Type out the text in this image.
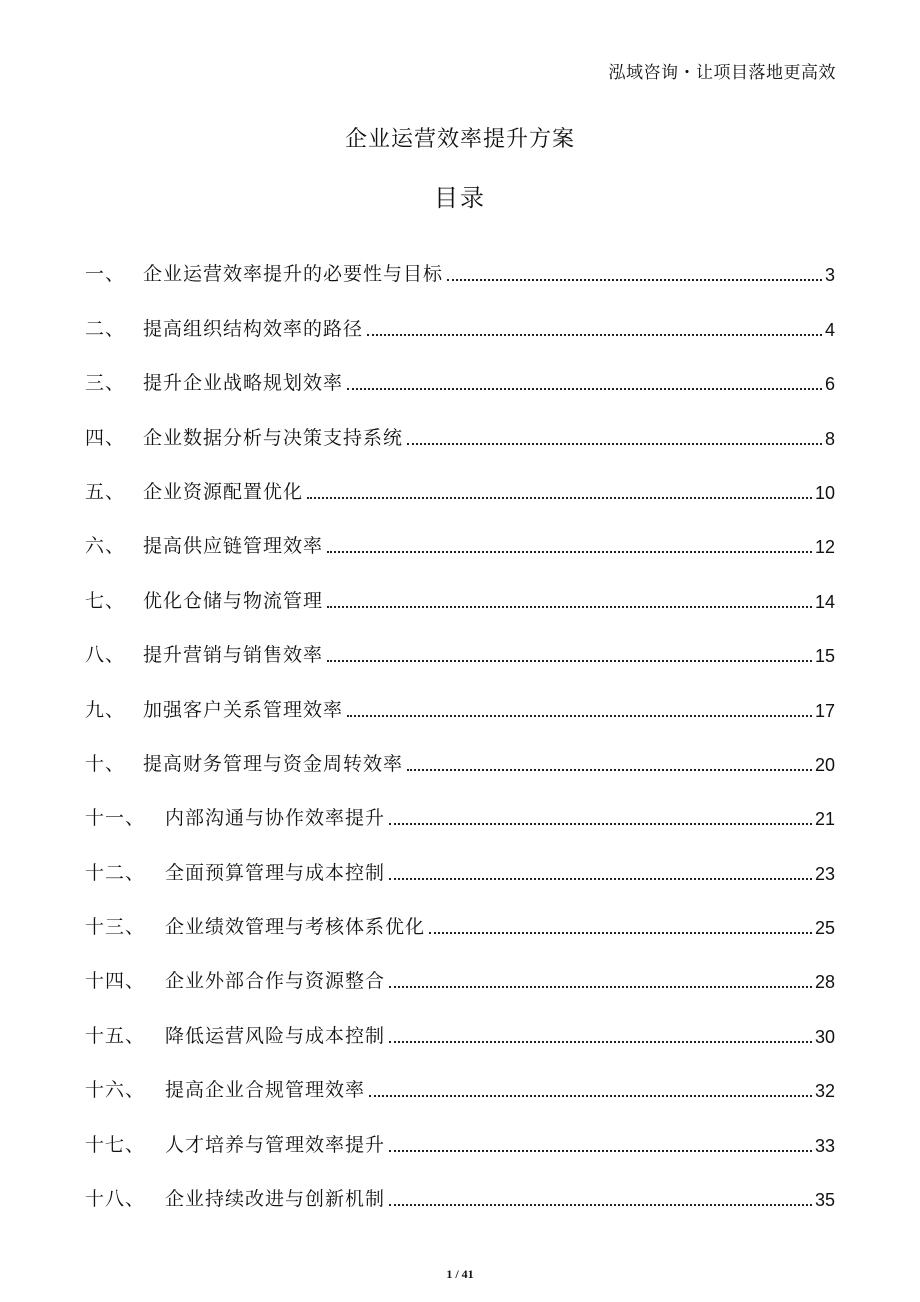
泓域咨询・让项目落地更高效
企业运营效率提升方案
目录
一、 企业运营效率提升的必要性与目标	3
二、 提高组织结构效率的路径	4
三、 提升企业战略规划效率	6
四、 企业数据分析与决策支持系统	8
五、 企业资源配置优化	10
六、 提高供应链管理效率	12
七、 优化仓储与物流管理	14
八、 提升营销与销售效率	15
九、 加强客户关系管理效率	17
十、 提高财务管理与资金周转效率	20
十一、	内部沟通与协作效率提升	21
十二、	全面预算管理与成本控制	23
十三、	企业绩效管理与考核体系优化	25
十四、	企业外部合作与资源整合	28
十五、	降低运营风险与成本控制	30
十六、	提高企业合规管理效率	32
十七、	人才培养与管理效率提升	33
十八、	企业持续改进与创新机制	35
1 / 41
